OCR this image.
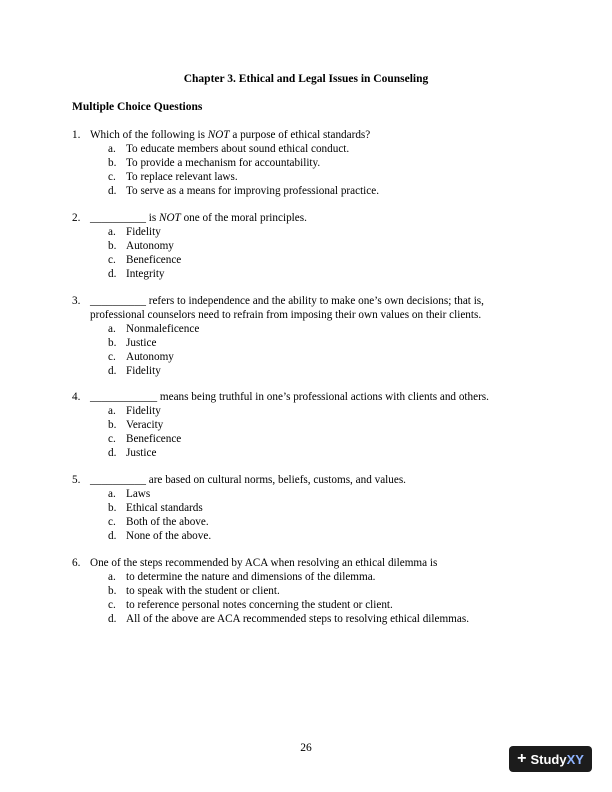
Chapter 3. Ethical and Legal Issues in Counseling
Multiple Choice Questions
1. Which of the following is NOT a purpose of ethical standards?
a. To educate members about sound ethical conduct.
b. To provide a mechanism for accountability.
c. To replace relevant laws.
d. To serve as a means for improving professional practice.
2. __________ is NOT one of the moral principles.
a. Fidelity
b. Autonomy
c. Beneficence
d. Integrity
3. __________ refers to independence and the ability to make one’s own decisions; that is,
professional counselors need to refrain from imposing their own values on their clients.
a. Nonmaleficence
b. Justice
c. Autonomy
d. Fidelity
4. ____________ means being truthful in one’s professional actions with clients and others.
a. Fidelity
b. Veracity
c. Beneficence
d. Justice
5. __________ are based on cultural norms, beliefs, customs, and values.
a. Laws
b. Ethical standards
c. Both of the above.
d. None of the above.
6. One of the steps recommended by ACA when resolving an ethical dilemma is
a. to determine the nature and dimensions of the dilemma.
b. to speak with the student or client.
c. to reference personal notes concerning the student or client.
d. All of the above are ACA recommended steps to resolving ethical dilemmas.
26
+ StudyXY
